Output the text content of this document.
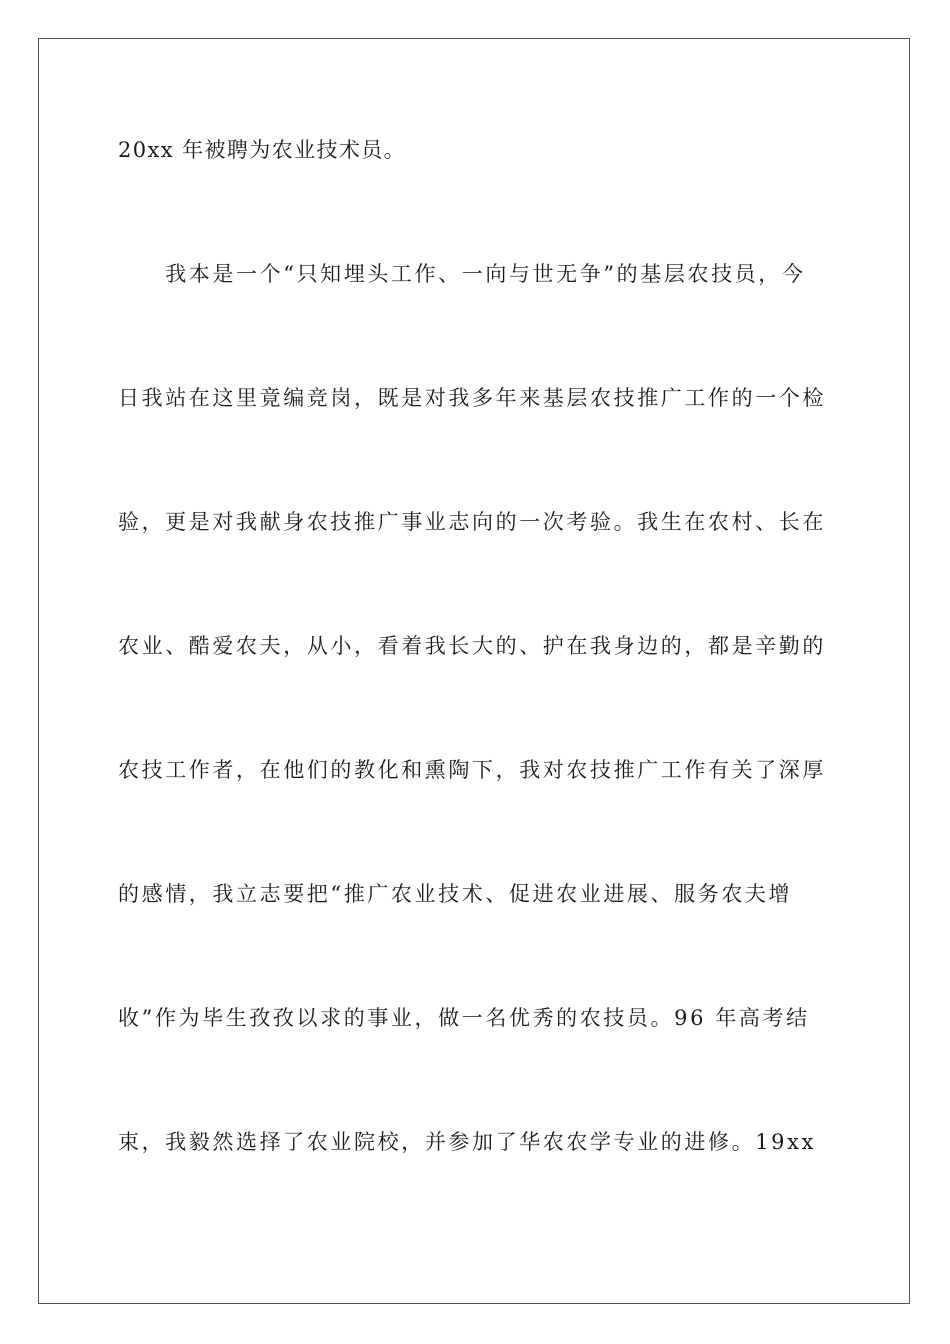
20xx 年被聘为农业技术员。
　　我本是一个“只知埋头工作、一向与世无争”的基层农技员，今
日我站在这里竟编竞岗，既是对我多年来基层农技推广工作的一个检
验，更是对我献身农技推广事业志向的一次考验。我生在农村、长在
农业、酷爱农夫，从小，看着我长大的、护在我身边的，都是辛勤的
农技工作者，在他们的教化和熏陶下，我对农技推广工作有关了深厚
的感情，我立志要把“推广农业技术、促进农业进展、服务农夫增
收”作为毕生孜孜以求的事业，做一名优秀的农技员。96 年高考结
束，我毅然选择了农业院校，并参加了华农农学专业的进修。19xx
